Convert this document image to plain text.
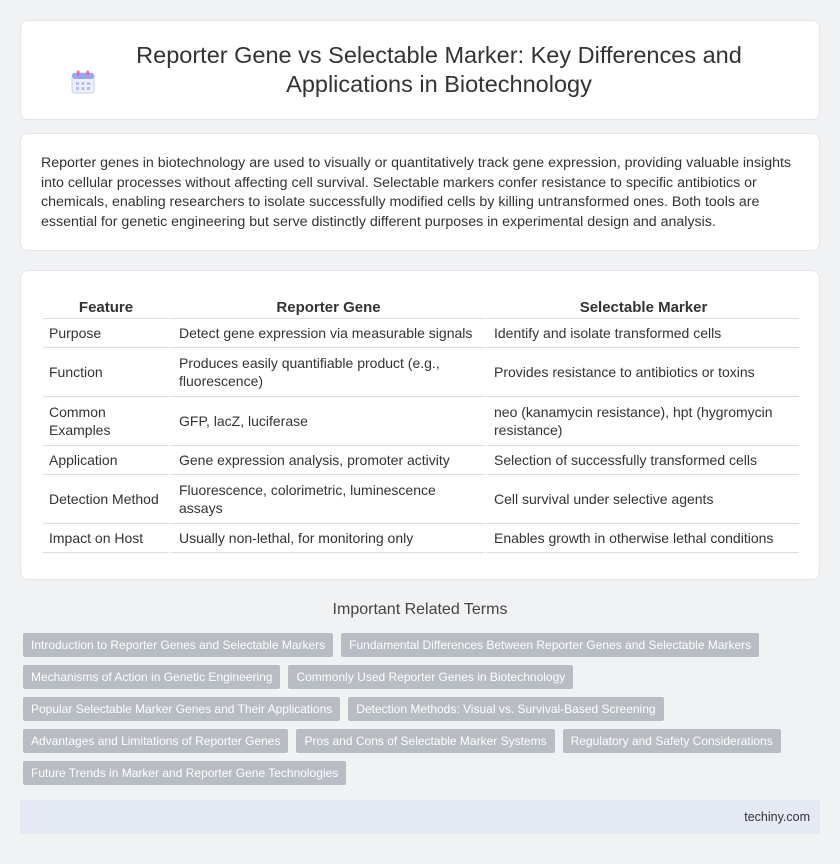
Reporter Gene vs Selectable Marker: Key Differences and Applications in Biotechnology

Reporter genes in biotechnology are used to visually or quantitatively track gene expression, providing valuable insights into cellular processes without affecting cell survival. Selectable markers confer resistance to specific antibiotics or chemicals, enabling researchers to isolate successfully modified cells by killing untransformed ones. Both tools are essential for genetic engineering but serve distinctly different purposes in experimental design and analysis.

Feature	Reporter Gene	Selectable Marker
Purpose	Detect gene expression via measurable signals	Identify and isolate transformed cells
Function	Produces easily quantifiable product (e.g., fluorescence)	Provides resistance to antibiotics or toxins
Common Examples	GFP, lacZ, luciferase	neo (kanamycin resistance), hpt (hygromycin resistance)
Application	Gene expression analysis, promoter activity	Selection of successfully transformed cells
Detection Method	Fluorescence, colorimetric, luminescence assays	Cell survival under selective agents
Impact on Host	Usually non-lethal, for monitoring only	Enables growth in otherwise lethal conditions
Important Related Terms
Introduction to Reporter Genes and Selectable Markers	Fundamental Differences Between Reporter Genes and Selectable Markers
Mechanisms of Action in Genetic Engineering	Commonly Used Reporter Genes in Biotechnology
Popular Selectable Marker Genes and Their Applications	Detection Methods: Visual vs. Survival-Based Screening
Advantages and Limitations of Reporter Genes	Pros and Cons of Selectable Marker Systems	Regulatory and Safety Considerations
Future Trends in Marker and Reporter Gene Technologies
techiny.com
